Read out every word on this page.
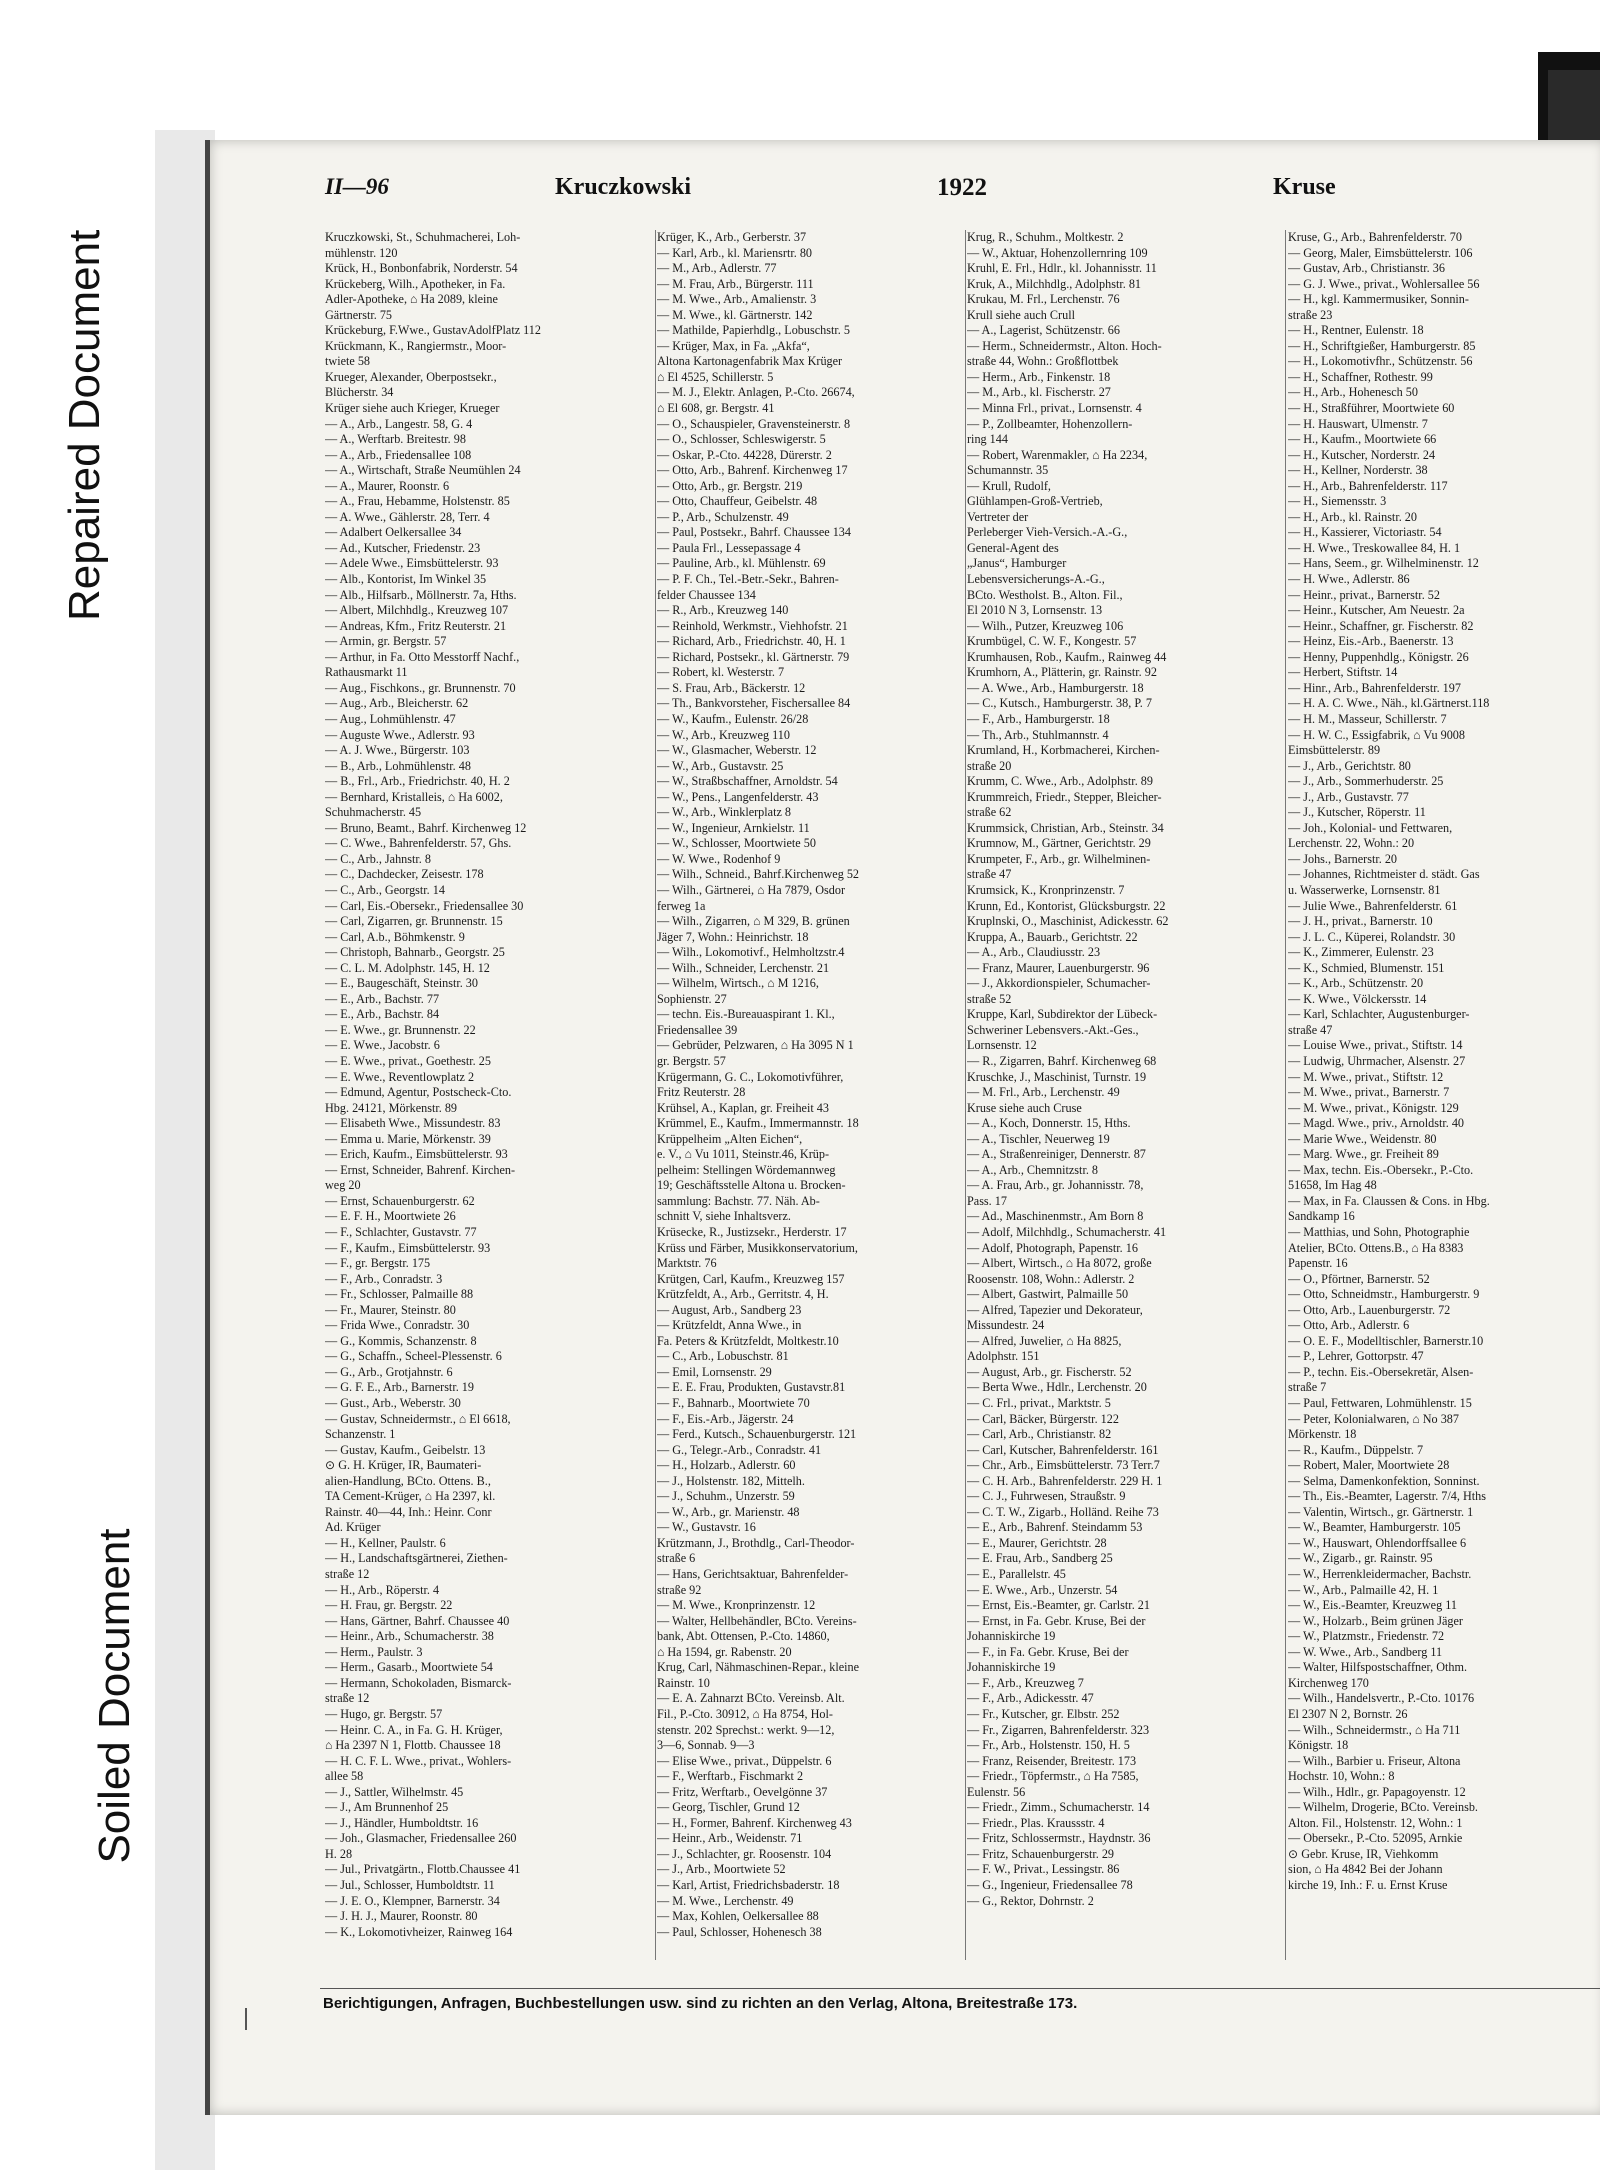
Repaired Document
Soiled Document
II—96	Kruczkowski	1922	Kruse
Kruczkowski, St., Schuhmacherei, Loh-
mühlenstr. 120
Krück, H., Bonbonfabrik, Norderstr. 54
Krückeberg, Wilh., Apotheker, in Fa.
Adler-Apotheke, ⌂ Ha 2089, kleine
Gärtnerstr. 75
Krückeburg, F.Wwe., GustavAdolfPlatz 112
Krückmann, K., Rangiermstr., Moor-
twiete 58
Krueger, Alexander, Oberpostsekr.,
Blücherstr. 34
Krüger siehe auch Krieger, Krueger
— A., Arb., Langestr. 58, G. 4
— A., Werftarb. Breitestr. 98
— A., Arb., Friedensallee 108
— A., Wirtschaft, Straße Neumühlen 24
— A., Maurer, Roonstr. 6
— A., Frau, Hebamme, Holstenstr. 85
— A. Wwe., Gählerstr. 28, Terr. 4
— Adalbert Oelkersallee 34
— Ad., Kutscher, Friedenstr. 23
— Adele Wwe., Eimsbüttelerstr. 93
— Alb., Kontorist, Im Winkel 35
— Alb., Hilfsarb., Möllnerstr. 7a, Hths.
— Albert, Milchhdlg., Kreuzweg 107
— Andreas, Kfm., Fritz Reuterstr. 21
— Armin, gr. Bergstr. 57
— Arthur, in Fa. Otto Messtorff Nachf.,
Rathausmarkt 11
— Aug., Fischkons., gr. Brunnenstr. 70
— Aug., Arb., Bleicherstr. 62
— Aug., Lohmühlenstr. 47
— Auguste Wwe., Adlerstr. 93
— A. J. Wwe., Bürgerstr. 103
— B., Arb., Lohmühlenstr. 48
— B., Frl., Arb., Friedrichstr. 40, H. 2
— Bernhard, Kristalleis, ⌂ Ha 6002,
Schuhmacherstr. 45
— Bruno, Beamt., Bahrf. Kirchenweg 12
— C. Wwe., Bahrenfelderstr. 57, Ghs.
— C., Arb., Jahnstr. 8
— C., Dachdecker, Zeisestr. 178
— C., Arb., Georgstr. 14
— Carl, Eis.-Obersekr., Friedensallee 30
— Carl, Zigarren, gr. Brunnenstr. 15
— Carl, A.b., Böhmkenstr. 9
— Christoph, Bahnarb., Georgstr. 25
— C. L. M. Adolphstr. 145, H. 12
— E., Baugeschäft, Steinstr. 30
— E., Arb., Bachstr. 77
— E., Arb., Bachstr. 84
— E. Wwe., gr. Brunnenstr. 22
— E. Wwe., Jacobstr. 6
— E. Wwe., privat., Goethestr. 25
— E. Wwe., Reventlowplatz 2
— Edmund, Agentur, Postscheck-Cto.
Hbg. 24121, Mörkenstr. 89
— Elisabeth Wwe., Missundestr. 83
— Emma u. Marie, Mörkenstr. 39
— Erich, Kaufm., Eimsbüttelerstr. 93
— Ernst, Schneider, Bahrenf. Kirchen-
weg 20
— Ernst, Schauenburgerstr. 62
— E. F. H., Moortwiete 26
— F., Schlachter, Gustavstr. 77
— F., Kaufm., Eimsbüttelerstr. 93
— F., gr. Bergstr. 175
— F., Arb., Conradstr. 3
— Fr., Schlosser, Palmaille 88
— Fr., Maurer, Steinstr. 80
— Frida Wwe., Conradstr. 30
— G., Kommis, Schanzenstr. 8
— G., Schaffn., Scheel-Plessenstr. 6
— G., Arb., Grotjahnstr. 6
— G. F. E., Arb., Barnerstr. 19
— Gust., Arb., Weberstr. 30
— Gustav, Schneidermstr., ⌂ El 6618,
Schanzenstr. 1
— Gustav, Kaufm., Geibelstr. 13
⊙ G. H. Krüger, IR, Baumateri-
alien-Handlung, BCto. Ottens. B.,
TA Cement-Krüger, ⌂ Ha 2397, kl.
Rainstr. 40—44, Inh.: Heinr. Conr
Ad. Krüger
— H., Kellner, Paulstr. 6
— H., Landschaftsgärtnerei, Ziethen-
straße 12
— H., Arb., Röperstr. 4
— H. Frau, gr. Bergstr. 22
— Hans, Gärtner, Bahrf. Chaussee 40
— Heinr., Arb., Schumacherstr. 38
— Herm., Paulstr. 3
— Herm., Gasarb., Moortwiete 54
— Hermann, Schokoladen, Bismarck-
straße 12
— Hugo, gr. Bergstr. 57
— Heinr. C. A., in Fa. G. H. Krüger,
⌂ Ha 2397 N 1, Flottb. Chaussee 18
— H. C. F. L. Wwe., privat., Wohlers-
allee 58
— J., Sattler, Wilhelmstr. 45
— J., Am Brunnenhof 25
— J., Händler, Humboldtstr. 16
— Joh., Glasmacher, Friedensallee 260
H. 28
— Jul., Privatgärtn., Flottb.Chaussee 41
— Jul., Schlosser, Humboldtstr. 11
— J. E. O., Klempner, Barnerstr. 34
— J. H. J., Maurer, Roonstr. 80
— K., Lokomotivheizer, Rainweg 164
Krüger, K., Arb., Gerberstr. 37
— Karl, Arb., kl. Mariensrtr. 80
— M., Arb., Adlerstr. 77
— M. Frau, Arb., Bürgerstr. 111
— M. Wwe., Arb., Amalienstr. 3
— M. Wwe., kl. Gärtnerstr. 142
— Mathilde, Papierhdlg., Lobuschstr. 5
— Krüger, Max, in Fa. „Akfa“,
Altona Kartonagenfabrik Max Krüger
⌂ El 4525, Schillerstr. 5
— M. J., Elektr. Anlagen, P.-Cto. 26674,
⌂ El 608, gr. Bergstr. 41
— O., Schauspieler, Gravensteinerstr. 8
— O., Schlosser, Schleswigerstr. 5
— Oskar, P.-Cto. 44228, Dürerstr. 2
— Otto, Arb., Bahrenf. Kirchenweg 17
— Otto, Arb., gr. Bergstr. 219
— Otto, Chauffeur, Geibelstr. 48
— P., Arb., Schulzenstr. 49
— Paul, Postsekr., Bahrf. Chaussee 134
— Paula Frl., Lessepassage 4
— Pauline, Arb., kl. Mühlenstr. 69
— P. F. Ch., Tel.-Betr.-Sekr., Bahren-
felder Chaussee 134
— R., Arb., Kreuzweg 140
— Reinhold, Werkmstr., Viehhofstr. 21
— Richard, Arb., Friedrichstr. 40, H. 1
— Richard, Postsekr., kl. Gärtnerstr. 79
— Robert, kl. Westerstr. 7
— S. Frau, Arb., Bäckerstr. 12
— Th., Bankvorsteher, Fischersallee 84
— W., Kaufm., Eulenstr. 26/28
— W., Arb., Kreuzweg 110
— W., Glasmacher, Weberstr. 12
— W., Arb., Gustavstr. 25
— W., Straßbschaffner, Arnoldstr. 54
— W., Pens., Langenfelderstr. 43
— W., Arb., Winklerplatz 8
— W., Ingenieur, Arnkielstr. 11
— W., Schlosser, Moortwiete 50
— W. Wwe., Rodenhof 9
— Wilh., Schneid., Bahrf.Kirchenweg 52
— Wilh., Gärtnerei, ⌂ Ha 7879, Osdor
ferweg 1a
— Wilh., Zigarren, ⌂ M 329, B. grünen
Jäger 7, Wohn.: Heinrichstr. 18
— Wilh., Lokomotivf., Helmholtzstr.4
— Wilh., Schneider, Lerchenstr. 21
— Wilhelm, Wirtsch., ⌂ M 1216,
Sophienstr. 27
— techn. Eis.-Bureauaspirant 1. Kl.,
Friedensallee 39
— Gebrüder, Pelzwaren, ⌂ Ha 3095 N 1
gr. Bergstr. 57
Krügermann, G. C., Lokomotivführer,
Fritz Reuterstr. 28
Krühsel, A., Kaplan, gr. Freiheit 43
Krümmel, E., Kaufm., Immermannstr. 18
Krüppelheim „Alten Eichen“,
e. V., ⌂ Vu 1011, Steinstr.46, Krüp-
pelheim: Stellingen Wördemannweg
19; Geschäftsstelle Altona u. Brocken-
sammlung: Bachstr. 77. Näh. Ab-
schnitt V, siehe Inhaltsverz.
Krüsecke, R., Justizsekr., Herderstr. 17
Krüss und Färber, Musikkonservatorium,
Marktstr. 76
Krütgen, Carl, Kaufm., Kreuzweg 157
Krützfeldt, A., Arb., Gerritstr. 4, H.
— August, Arb., Sandberg 23
— Krützfeldt, Anna Wwe., in
Fa. Peters & Krützfeldt, Moltkestr.10
— C., Arb., Lobuschstr. 81
— Emil, Lornsenstr. 29
— E. E. Frau, Produkten, Gustavstr.81
— F., Bahnarb., Moortwiete 70
— F., Eis.-Arb., Jägerstr. 24
— Ferd., Kutsch., Schauenburgerstr. 121
— G., Telegr.-Arb., Conradstr. 41
— H., Holzarb., Adlerstr. 60
— J., Holstenstr. 182, Mittelh.
— J., Schuhm., Unzerstr. 59
— W., Arb., gr. Marienstr. 48
— W., Gustavstr. 16
Krützmann, J., Brothdlg., Carl-Theodor-
straße 6
— Hans, Gerichtsaktuar, Bahrenfelder-
straße 92
— M. Wwe., Kronprinzenstr. 12
— Walter, Hellbehändler, BCto. Vereins-
bank, Abt. Ottensen, P.-Cto. 14860,
⌂ Ha 1594, gr. Rabenstr. 20
Krug, Carl, Nähmaschinen-Repar., kleine
Rainstr. 10
— E. A. Zahnarzt BCto. Vereinsb. Alt.
Fil., P.-Cto. 30912, ⌂ Ha 8754, Hol-
stenstr. 202 Sprechst.: werkt. 9—12,
3—6, Sonnab. 9—3
— Elise Wwe., privat., Düppelstr. 6
— F., Werftarb., Fischmarkt 2
— Fritz, Werftarb., Oevelgönne 37
— Georg, Tischler, Grund 12
— H., Former, Bahrenf. Kirchenweg 43
— Heinr., Arb., Weidenstr. 71
— J., Schlachter, gr. Roosenstr. 104
— J., Arb., Moortwiete 52
— Karl, Artist, Friedrichsbaderstr. 18
— M. Wwe., Lerchenstr. 49
— Max, Kohlen, Oelkersallee 88
— Paul, Schlosser, Hohenesch 38
Krug, R., Schuhm., Moltkestr. 2
— W., Aktuar, Hohenzollernring 109
Kruhl, E. Frl., Hdlr., kl. Johannisstr. 11
Kruk, A., Milchhdlg., Adolphstr. 81
Krukau, M. Frl., Lerchenstr. 76
Krull siehe auch Crull
— A., Lagerist, Schützenstr. 66
— Herm., Schneidermstr., Alton. Hoch-
straße 44, Wohn.: Großflottbek
— Herm., Arb., Finkenstr. 18
— M., Arb., kl. Fischerstr. 27
— Minna Frl., privat., Lornsenstr. 4
— P., Zollbeamter, Hohenzollern-
ring 144
— Robert, Warenmakler, ⌂ Ha 2234,
Schumannstr. 35
— Krull, Rudolf,
Glühlampen-Groß-Vertrieb,
Vertreter der
Perleberger Vieh-Versich.-A.-G.,
General-Agent des
„Janus“, Hamburger
Lebensversicherungs-A.-G.,
BCto. Westholst. B., Alton. Fil.,
El 2010 N 3, Lornsenstr. 13
— Wilh., Putzer, Kreuzweg 106
Krumbügel, C. W. F., Kongestr. 57
Krumhausen, Rob., Kaufm., Rainweg 44
Krumhorn, A., Plätterin, gr. Rainstr. 92
— A. Wwe., Arb., Hamburgerstr. 18
— C., Kutsch., Hamburgerstr. 38, P. 7
— F., Arb., Hamburgerstr. 18
— Th., Arb., Stuhlmannstr. 4
Krumland, H., Korbmacherei, Kirchen-
straße 20
Krumm, C. Wwe., Arb., Adolphstr. 89
Krummreich, Friedr., Stepper, Bleicher-
straße 62
Krummsick, Christian, Arb., Steinstr. 34
Krumnow, M., Gärtner, Gerichtstr. 29
Krumpeter, F., Arb., gr. Wilhelminen-
straße 47
Krumsick, K., Kronprinzenstr. 7
Krunn, Ed., Kontorist, Glücksburgstr. 22
Kruplnski, O., Maschinist, Adickesstr. 62
Kruppa, A., Bauarb., Gerichtstr. 22
— A., Arb., Claudiusstr. 23
— Franz, Maurer, Lauenburgerstr. 96
— J., Akkordionspieler, Schumacher-
straße 52
Kruppe, Karl, Subdirektor der Lübeck-
Schweriner Lebensvers.-Akt.-Ges.,
Lornsenstr. 12
— R., Zigarren, Bahrf. Kirchenweg 68
Kruschke, J., Maschinist, Turnstr. 19
— M. Frl., Arb., Lerchenstr. 49
Kruse siehe auch Cruse
— A., Koch, Donnerstr. 15, Hths.
— A., Tischler, Neuerweg 19
— A., Straßenreiniger, Dennerstr. 87
— A., Arb., Chemnitzstr. 8
— A. Frau, Arb., gr. Johannisstr. 78,
Pass. 17
— Ad., Maschinenmstr., Am Born 8
— Adolf, Milchhdlg., Schumacherstr. 41
— Adolf, Photograph, Papenstr. 16
— Albert, Wirtsch., ⌂ Ha 8072, große
Roosenstr. 108, Wohn.: Adlerstr. 2
— Albert, Gastwirt, Palmaille 50
— Alfred, Tapezier und Dekorateur,
Missundestr. 24
— Alfred, Juwelier, ⌂ Ha 8825,
Adolphstr. 151
— August, Arb., gr. Fischerstr. 52
— Berta Wwe., Hdlr., Lerchenstr. 20
— C. Frl., privat., Marktstr. 5
— Carl, Bäcker, Bürgerstr. 122
— Carl, Arb., Christianstr. 82
— Carl, Kutscher, Bahrenfelderstr. 161
— Chr., Arb., Eimsbüttelerstr. 73 Terr.7
— C. H. Arb., Bahrenfelderstr. 229 H. 1
— C. J., Fuhrwesen, Straußstr. 9
— C. T. W., Zigarb., Holländ. Reihe 73
— E., Arb., Bahrenf. Steindamm 53
— E., Maurer, Gerichtstr. 28
— E. Frau, Arb., Sandberg 25
— E., Parallelstr. 45
— E. Wwe., Arb., Unzerstr. 54
— Ernst, Eis.-Beamter, gr. Carlstr. 21
— Ernst, in Fa. Gebr. Kruse, Bei der
Johanniskirche 19
— F., in Fa. Gebr. Kruse, Bei der
Johanniskirche 19
— F., Arb., Kreuzweg 7
— F., Arb., Adickesstr. 47
— Fr., Kutscher, gr. Elbstr. 252
— Fr., Zigarren, Bahrenfelderstr. 323
— Fr., Arb., Holstenstr. 150, H. 5
— Franz, Reisender, Breitestr. 173
— Friedr., Töpfermstr., ⌂ Ha 7585,
Eulenstr. 56
— Friedr., Zimm., Schumacherstr. 14
— Friedr., Plas. Kraussstr. 4
— Fritz, Schlossermstr., Haydnstr. 36
— Fritz, Schauenburgerstr. 29
— F. W., Privat., Lessingstr. 86
— G., Ingenieur, Friedensallee 78
— G., Rektor, Dohrnstr. 2
Kruse, G., Arb., Bahrenfelderstr. 70
— Georg, Maler, Eimsbüttelerstr. 106
— Gustav, Arb., Christianstr. 36
— G. J. Wwe., privat., Wohlersallee 56
— H., kgl. Kammermusiker, Sonnin-
straße 23
— H., Rentner, Eulenstr. 18
— H., Schriftgießer, Hamburgerstr. 85
— H., Lokomotivfhr., Schützenstr. 56
— H., Schaffner, Rothestr. 99
— H., Arb., Hohenesch 50
— H., Straßführer, Moortwiete 60
— H. Hauswart, Ulmenstr. 7
— H., Kaufm., Moortwiete 66
— H., Kutscher, Norderstr. 24
— H., Kellner, Norderstr. 38
— H., Arb., Bahrenfelderstr. 117
— H., Siemensstr. 3
— H., Arb., kl. Rainstr. 20
— H., Kassierer, Victoriastr. 54
— H. Wwe., Treskowallee 84, H. 1
— Hans, Seem., gr. Wilhelminenstr. 12
— H. Wwe., Adlerstr. 86
— Heinr., privat., Barnerstr. 52
— Heinr., Kutscher, Am Neuestr. 2a
— Heinr., Schaffner, gr. Fischerstr. 82
— Heinz, Eis.-Arb., Baenerstr. 13
— Henny, Puppenhdlg., Königstr. 26
— Herbert, Stiftstr. 14
— Hinr., Arb., Bahrenfelderstr. 197
— H. A. C. Wwe., Näh., kl.Gärtnerst.118
— H. M., Masseur, Schillerstr. 7
— H. W. C., Essigfabrik, ⌂ Vu 9008
Eimsbüttelerstr. 89
— J., Arb., Gerichtstr. 80
— J., Arb., Sommerhuderstr. 25
— J., Arb., Gustavstr. 77
— J., Kutscher, Röperstr. 11
— Joh., Kolonial- und Fettwaren,
Lerchenstr. 22, Wohn.: 20
— Johs., Barnerstr. 20
— Johannes, Richtmeister d. städt. Gas
u. Wasserwerke, Lornsenstr. 81
— Julie Wwe., Bahrenfelderstr. 61
— J. H., privat., Barnerstr. 10
— J. L. C., Küperei, Rolandstr. 30
— K., Zimmerer, Eulenstr. 23
— K., Schmied, Blumenstr. 151
— K., Arb., Schützenstr. 20
— K. Wwe., Völckersstr. 14
— Karl, Schlachter, Augustenburger-
straße 47
— Louise Wwe., privat., Stiftstr. 14
— Ludwig, Uhrmacher, Alsenstr. 27
— M. Wwe., privat., Stiftstr. 12
— M. Wwe., privat., Barnerstr. 7
— M. Wwe., privat., Königstr. 129
— Magd. Wwe., priv., Arnoldstr. 40
— Marie Wwe., Weidenstr. 80
— Marg. Wwe., gr. Freiheit 89
— Max, techn. Eis.-Obersekr., P.-Cto.
51658, Im Hag 48
— Max, in Fa. Claussen & Cons. in Hbg.
Sandkamp 16
— Matthias, und Sohn, Photographie
Atelier, BCto. Ottens.B., ⌂ Ha 8383
Papenstr. 16
— O., Pförtner, Barnerstr. 52
— Otto, Schneidmstr., Hamburgerstr. 9
— Otto, Arb., Lauenburgerstr. 72
— Otto, Arb., Adlerstr. 6
— O. E. F., Modelltischler, Barnerstr.10
— P., Lehrer, Gottorpstr. 47
— P., techn. Eis.-Obersekretär, Alsen-
straße 7
— Paul, Fettwaren, Lohmühlenstr. 15
— Peter, Kolonialwaren, ⌂ No 387
Mörkenstr. 18
— R., Kaufm., Düppelstr. 7
— Robert, Maler, Moortwiete 28
— Selma, Damenkonfektion, Sonninst.
— Th., Eis.-Beamter, Lagerstr. 7/4, Hths
— Valentin, Wirtsch., gr. Gärtnerstr. 1
— W., Beamter, Hamburgerstr. 105
— W., Hauswart, Ohlendorffsallee 6
— W., Zigarb., gr. Rainstr. 95
— W., Herrenkleidermacher, Bachstr.
— W., Arb., Palmaille 42, H. 1
— W., Eis.-Beamter, Kreuzweg 11
— W., Holzarb., Beim grünen Jäger
— W., Platzmstr., Friedenstr. 72
— W. Wwe., Arb., Sandberg 11
— Walter, Hilfspostschaffner, Othm.
Kirchenweg 170
— Wilh., Handelsvertr., P.-Cto. 10176
El 2307 N 2, Bornstr. 26
— Wilh., Schneidermstr., ⌂ Ha 711
Königstr. 18
— Wilh., Barbier u. Friseur, Altona
Hochstr. 10, Wohn.: 8
— Wilh., Hdlr., gr. Papagoyenstr. 12
— Wilhelm, Drogerie, BCto. Vereinsb.
Alton. Fil., Holstenstr. 12, Wohn.: 1
— Obersekr., P.-Cto. 52095, Arnkie
⊙ Gebr. Kruse, IR, Viehkomm
sion, ⌂ Ha 4842 Bei der Johann
kirche 19, Inh.: F. u. Ernst Kruse
Berichtigungen, Anfragen, Buchbestellungen usw. sind zu richten an den Verlag, Altona, Breitestraße 173.
